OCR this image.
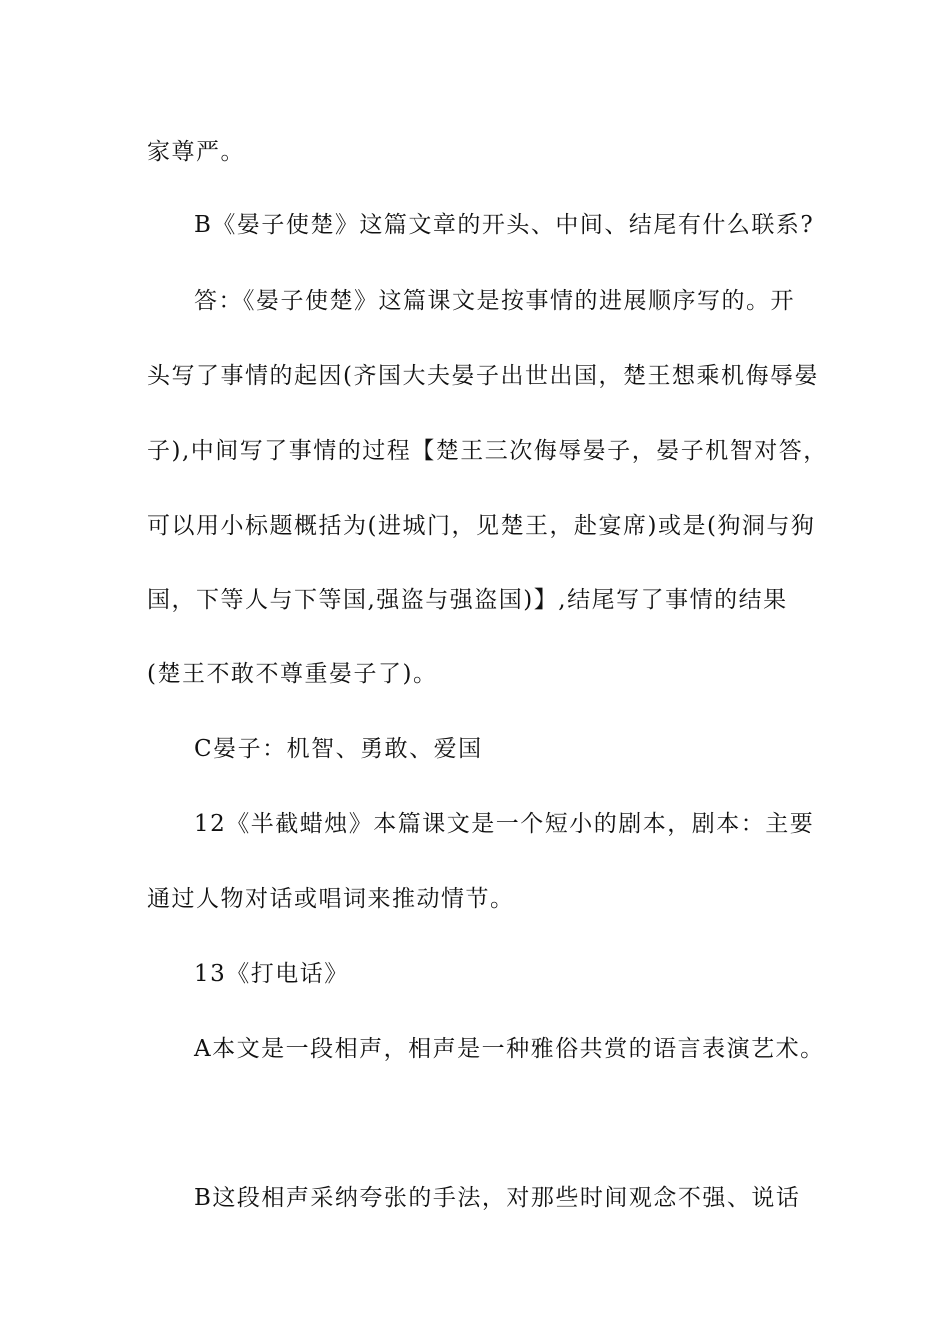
家尊严。
B《晏子使楚》这篇文章的开头、中间、结尾有什么联系?
答：《晏子使楚》这篇课文是按事情的进展顺序写的。开
头写了事情的起因(齐国大夫晏子出世出国，楚王想乘机侮辱晏
子),中间写了事情的过程【楚王三次侮辱晏子，晏子机智对答，
可以用小标题概括为(进城门，见楚王，赴宴席)或是(狗洞与狗
国，下等人与下等国,强盗与强盗国)】,结尾写了事情的结果
(楚王不敢不尊重晏子了)。
C晏子：机智、勇敢、爱国
12《半截蜡烛》本篇课文是一个短小的剧本，剧本：主要
通过人物对话或唱词来推动情节。
13《打电话》
A本文是一段相声，相声是一种雅俗共赏的语言表演艺术。
B这段相声采纳夸张的手法，对那些时间观念不强、说话
